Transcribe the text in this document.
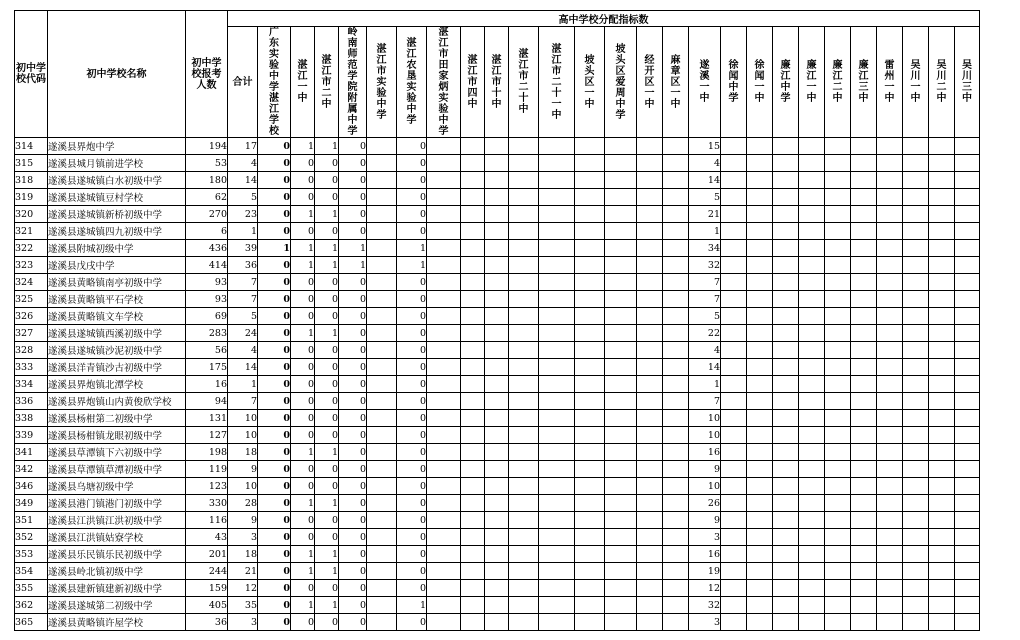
初中学校代码	初中学校名称	初中学校报考人数	高中学校分配指标数																										
			合计	广东实验中学湛江学校	湛江一中	湛江市二中	岭南师范学院附属中学	湛江市实验中学	湛江农垦实验中学	湛江市田家炳实验中学	湛江市四中	湛江市十中	湛江市二十中	湛江市二十一中	坡头区一中	坡头区爱周中学	经开区一中	麻章区一中	遂溪一中	徐闻中学	徐闻一中	廉江中学	廉江一中	廉江二中	廉江三中	雷州一中	吴川一中	吴川二中	吴川三中
314	遂溪县界炮中学	194	17	0	1	1	0		0										15										
315	遂溪县城月镇前进学校	53	4	0	0	0	0		0										4										
318	遂溪县遂城镇白水初级中学	180	14	0	0	0	0		0										14										
319	遂溪县遂城镇豆村学校	62	5	0	0	0	0		0										5										
320	遂溪县遂城镇新桥初级中学	270	23	0	1	1	0		0										21										
321	遂溪县遂城镇四九初级中学	6	1	0	0	0	0		0										1										
322	遂溪县附城初级中学	436	39	1	1	1	1		1										34										
323	遂溪县戊戌中学	414	36	0	1	1	1		1										32										
324	遂溪县黄略镇南亭初级中学	93	7	0	0	0	0		0										7										
325	遂溪县黄略镇平石学校	93	7	0	0	0	0		0										7										
326	遂溪县黄略镇文车学校	69	5	0	0	0	0		0										5										
327	遂溪县遂城镇西溪初级中学	283	24	0	1	1	0		0										22										
328	遂溪县遂城镇沙泥初级中学	56	4	0	0	0	0		0										4										
333	遂溪县洋青镇沙古初级中学	175	14	0	0	0	0		0										14										
334	遂溪县界炮镇北潭学校	16	1	0	0	0	0		0										1										
336	遂溪县界炮镇山内黄俊欣学校	94	7	0	0	0	0		0										7										
338	遂溪县杨柑第二初级中学	131	10	0	0	0	0		0										10										
339	遂溪县杨柑镇龙眼初级中学	127	10	0	0	0	0		0										10										
341	遂溪县草潭镇下六初级中学	198	18	0	1	1	0		0										16										
342	遂溪县草潭镇草潭初级中学	119	9	0	0	0	0		0										9										
346	遂溪县乌塘初级中学	123	10	0	0	0	0		0										10										
349	遂溪县港门镇港门初级中学	330	28	0	1	1	0		0										26										
351	遂溪县江洪镇江洪初级中学	116	9	0	0	0	0		0										9										
352	遂溪县江洪镇姑寮学校	43	3	0	0	0	0		0										3										
353	遂溪县乐民镇乐民初级中学	201	18	0	1	1	0		0										16										
354	遂溪县岭北镇初级中学	244	21	0	1	1	0		0										19										
355	遂溪县建新镇建新初级中学	159	12	0	0	0	0		0										12										
362	遂溪县遂城第二初级中学	405	35	0	1	1	0		1										32										
365	遂溪县黄略镇许屋学校	36	3	0	0	0	0		0										3										
